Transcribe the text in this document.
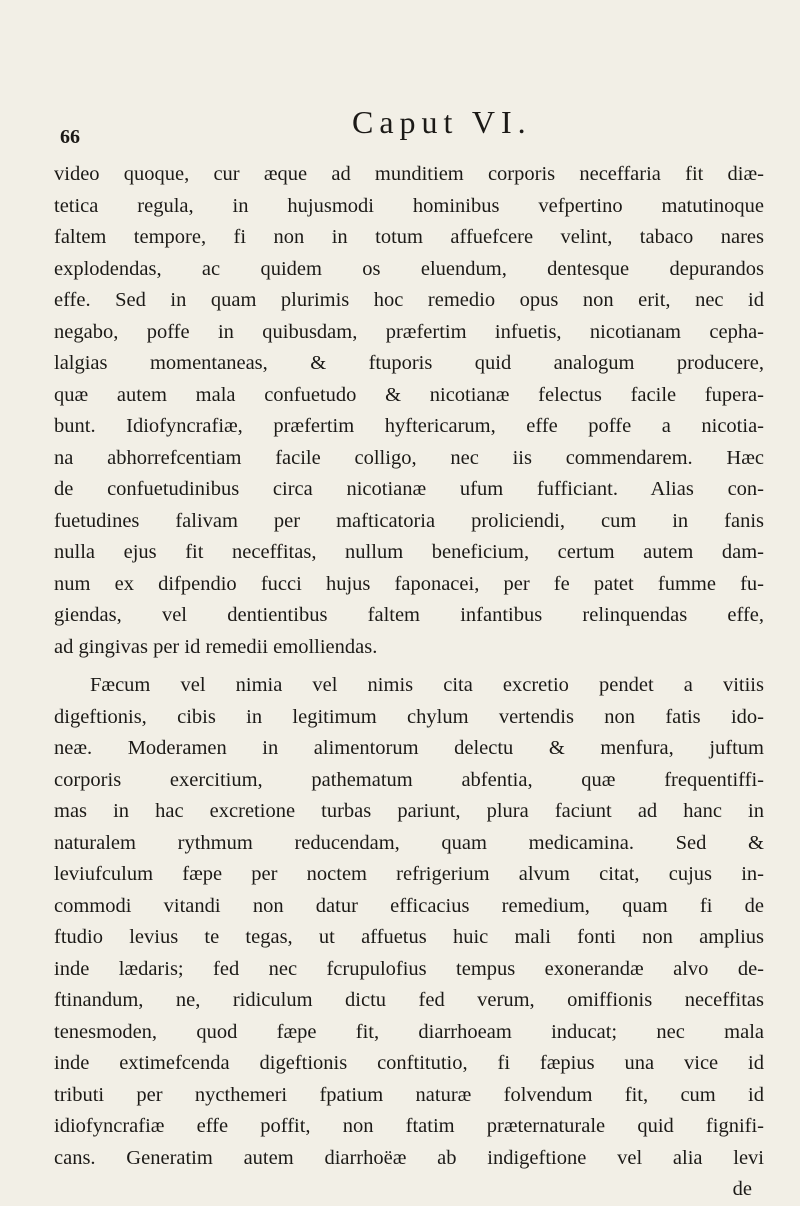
66	Caput VI.
video quoque, cur æque ad munditiem corporis neceffaria fit diæ-
tetica regula, in hujusmodi hominibus vefpertino matutinoque
faltem tempore, fi non in totum affuefcere velint, tabaco nares
explodendas, ac quidem os eluendum, dentesque depurandos
effe. Sed in quam plurimis hoc remedio opus non erit, nec id
negabo, poffe in quibusdam, præfertim infuetis, nicotianam cepha-
lalgias momentaneas, & ftuporis quid analogum producere,
quæ autem mala confuetudo & nicotianæ felectus facile fupera-
bunt. Idiofyncrafiæ, præfertim hyftericarum, effe poffe a nicotia-
na abhorrefcentiam facile colligo, nec iis commendarem. Hæc
de confuetudinibus circa nicotianæ ufum fufficiant. Alias con-
fuetudines falivam per mafticatoria proliciendi, cum in fanis
nulla ejus fit neceffitas, nullum beneficium, certum autem dam-
num ex difpendio fucci hujus faponacei, per fe patet fumme fu-
giendas, vel dentientibus faltem infantibus relinquendas effe,
ad gingivas per id remedii emolliendas.
Fæcum vel nimia vel nimis cita excretio pendet a vitiis
digeftionis, cibis in legitimum chylum vertendis non fatis ido-
neæ. Moderamen in alimentorum delectu & menfura, juftum
corporis exercitium, pathematum abfentia, quæ frequentiffi-
mas in hac excretione turbas pariunt, plura faciunt ad hanc in
naturalem rythmum reducendam, quam medicamina. Sed &
leviufculum fæpe per noctem refrigerium alvum citat, cujus in-
commodi vitandi non datur efficacius remedium, quam fi de
ftudio levius te tegas, ut affuetus huic mali fonti non amplius
inde lædaris; fed nec fcrupulofius tempus exonerandæ alvo de-
ftinandum, ne, ridiculum dictu fed verum, omiffionis neceffitas
tenesmoden, quod fæpe fit, diarrhoeam inducat; nec mala
inde extimefcenda digeftionis conftitutio, fi fæpius una vice id
tributi per nycthemeri fpatium naturæ folvendum fit, cum id
idiofyncrafiæ effe poffit, non ftatim præternaturale quid fignifi-
cans. Generatim autem diarrhoëæ ab indigeftione vel alia levi
de
